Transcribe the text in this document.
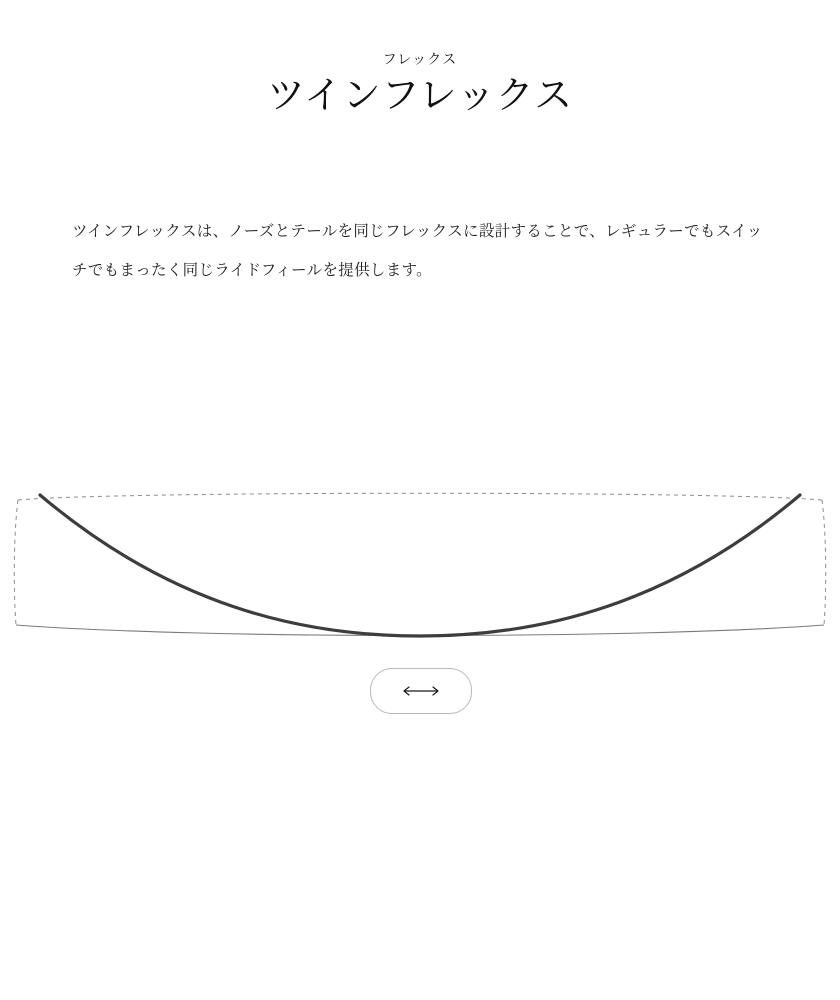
フレックス

ツインフレックス

ツインフレックスは、ノーズとテールを同じフレックスに設計することで、レギュラーでもスイッチでもまったく同じライドフィールを提供します。
